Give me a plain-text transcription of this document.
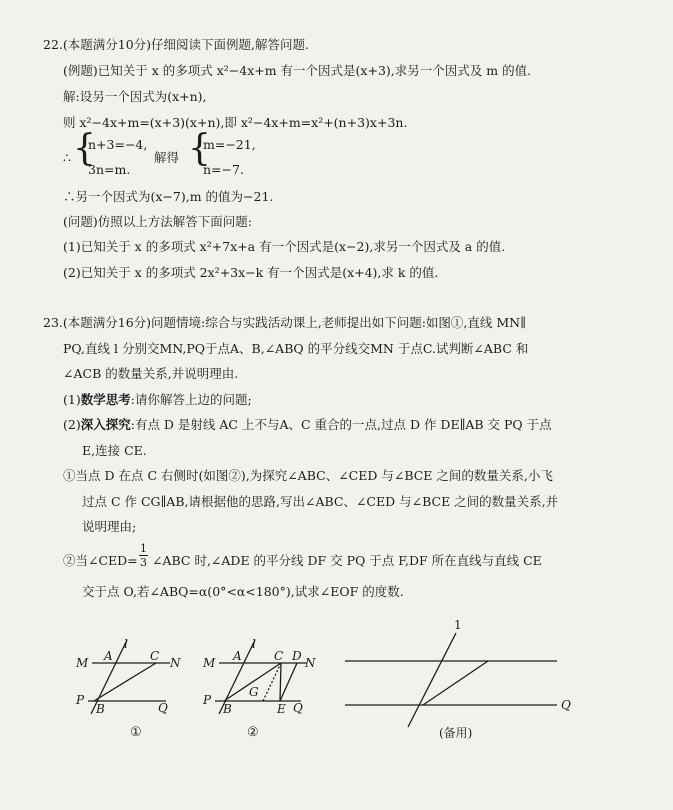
22.(本题满分10分)仔细阅读下面例题,解答问题.
(例题)已知关于 x 的多项式 x²−4x+m 有一个因式是(x+3),求另一个因式及 m 的值.
解:设另一个因式为(x+n),
则 x²−4x+m=(x+3)(x+n),即 x²−4x+m=x²+(n+3)x+3n.
∴ {
n+3=−4,
3n=m.
解得 {
m=−21,
n=−7.
∴另一个因式为(x−7),m 的值为−21.
(问题)仿照以上方法解答下面问题:
(1)已知关于 x 的多项式 x²+7x+a 有一个因式是(x−2),求另一个因式及 a 的值.
(2)已知关于 x 的多项式 2x²+3x−k 有一个因式是(x+4),求 k 的值.
23.(本题满分16分)问题情境:综合与实践活动课上,老师提出如下问题:如图①,直线 MN∥
PQ,直线 l 分别交MN,PQ于点A、B,∠ABQ 的平分线交MN 于点C.试判断∠ABC 和
∠ACB 的数量关系,并说明理由.
(1)数学思考:请你解答上边的问题;
(2)深入探究:有点 D 是射线 AC 上不与A、C 重合的一点,过点 D 作 DE∥AB 交 PQ 于点
E,连接 CE.
①当点 D 在点 C 右侧时(如图②),为探究∠ABC、∠CED 与∠BCE 之间的数量关系,小飞
过点 C 作 CG∥AB,请根据他的思路,写出∠ABC、∠CED 与∠BCE 之间的数量关系,并
说明理由;
②当∠CED=
1
3 ∠ABC 时,∠ADE 的平分线 DF 交 PQ 于点 F,DF 所在直线与直线 CE
交于点 O,若∠ABQ=α(0°<α<180°),试求∠EOF 的度数.
M	N
P
Q
A
B
C
l
①
M	N
P
Q
A
B
C D
E
G
l
②
1
Q
(备用)
